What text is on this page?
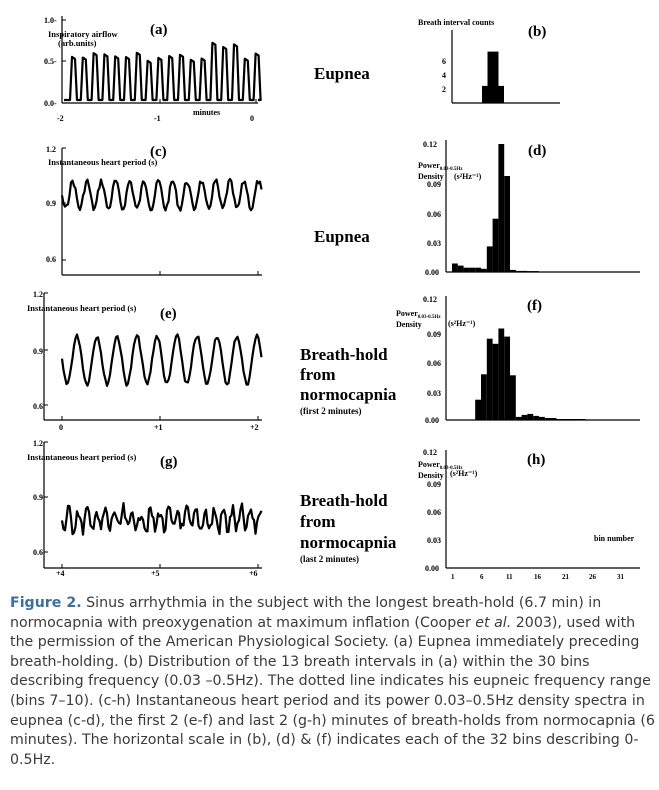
(a)
Inspiratory airflow
(arb.units)
1.0-
0.5-
0.0-
-2	-1	0
minutes
Breath interval counts
(b)
6
4
2
(c)
Instantaneous heart period (s)
1.2
0.9
0.6
(d)
0.12
Power$_{0.03-0.5Hz}$
Density (s²Hz⁻¹)
0.09
0.06
0.03
0.00
(e)
Instantaneous heart period (s)
1.2
0.9
0.6
0	+1	+2
(f)
0.12
Power$_{0.03-0.5Hz}$
Density	(s²Hz⁻¹)
0.09
0.06
0.03
0.00
(g)
Instantaneous heart period (s)
1.2
0.9
0.6
+4	+5	+6
(h)
0.12
Power$_{0.03-0.5Hz}$
Density (s²Hz⁻¹)
0.09
0.06
0.03
0.00
bin number
1	6	11	16	21	26	31
Eupnea
Eupnea
Breath-hold
from
normocapnia
(first 2 minutes)
Breath-hold
from
normocapnia
(last 2 minutes)
Figure 2. Sinus arrhythmia in the subject with the longest breath-hold (6.7 min) in normocapnia with preoxygenation at maximum inflation (Cooper et al. 2003), used with the permission of the American Physiological Society. (a) Eupnea immediately preceding breath-holding. (b) Distribution of the 13 breath intervals in (a) within the 30 bins describing frequency (0.03 –0.5Hz). The dotted line indicates his eupneic frequency range (bins 7–10). (c-h) Instantaneous heart period and its power 0.03–0.5Hz density spectra in eupnea (c-d), the first 2 (e-f) and last 2 (g-h) minutes of breath-holds from normocapnia (6 minutes). The horizontal scale in (b), (d) & (f) indicates each of the 32 bins describing 0-0.5Hz.
